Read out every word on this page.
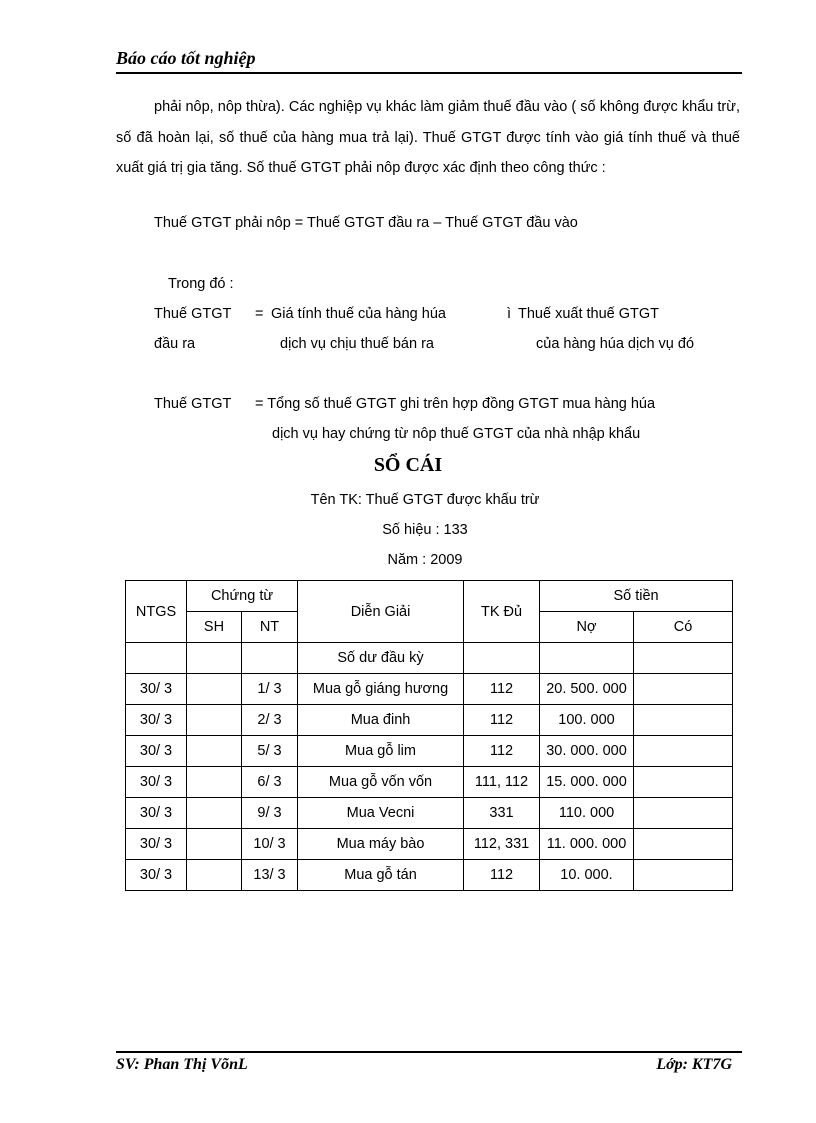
Báo cáo tốt nghiệp
phải nôp, nôp thừa). Các nghiệp vụ khác làm giảm thuế đầu vào ( số không được khẩu trừ, số đã hoàn lại, số thuế của hàng mua trả lại). Thuế GTGT được tính vào giá tính thuế và thuế xuất giá trị gia tăng. Số thuế GTGT phải nôp được xác định theo công thức :
Thuế GTGT phải nôp = Thuế GTGT đầu ra – Thuế GTGT đầu vào
Trong đó :
Thuế GTGT = Giá tính thuế của hàng húa	ì Thuế xuất thuế GTGT
đầu ra	dịch vụ chịu thuế bán ra	của hàng húa dịch vụ đó
Thuế GTGT = Tổng số thuế GTGT ghi trên hợp đồng GTGT mua hàng húa
dịch vụ hay chứng từ nôp thuế GTGT của nhà nhập khẩu
SỔ CÁI
Tên TK: Thuế GTGT được khấu trừ
Số hiệu : 133
Năm : 2009
NTGS	Chứng từ		Diễn Giải	TK Đủ	Số tiền	
	SH	NT			Nợ	Có
			Số dư đầu kỳ			
30/ 3		1/ 3	Mua gỗ giáng hương	112	20. 500. 000	
30/ 3		2/ 3	Mua đinh	112	100. 000	
30/ 3		5/ 3	Mua gỗ lim	112	30. 000. 000	
30/ 3		6/ 3	Mua gỗ vốn vốn	111, 112	15. 000. 000	
30/ 3		9/ 3	Mua Vecni	331	110. 000	
30/ 3		10/ 3	Mua máy bào	112, 331	11. 000. 000	
30/ 3		13/ 3	Mua gỗ tán	112	10. 000.	
SV: Phan Thị VõnL	Lớp: KT7G
